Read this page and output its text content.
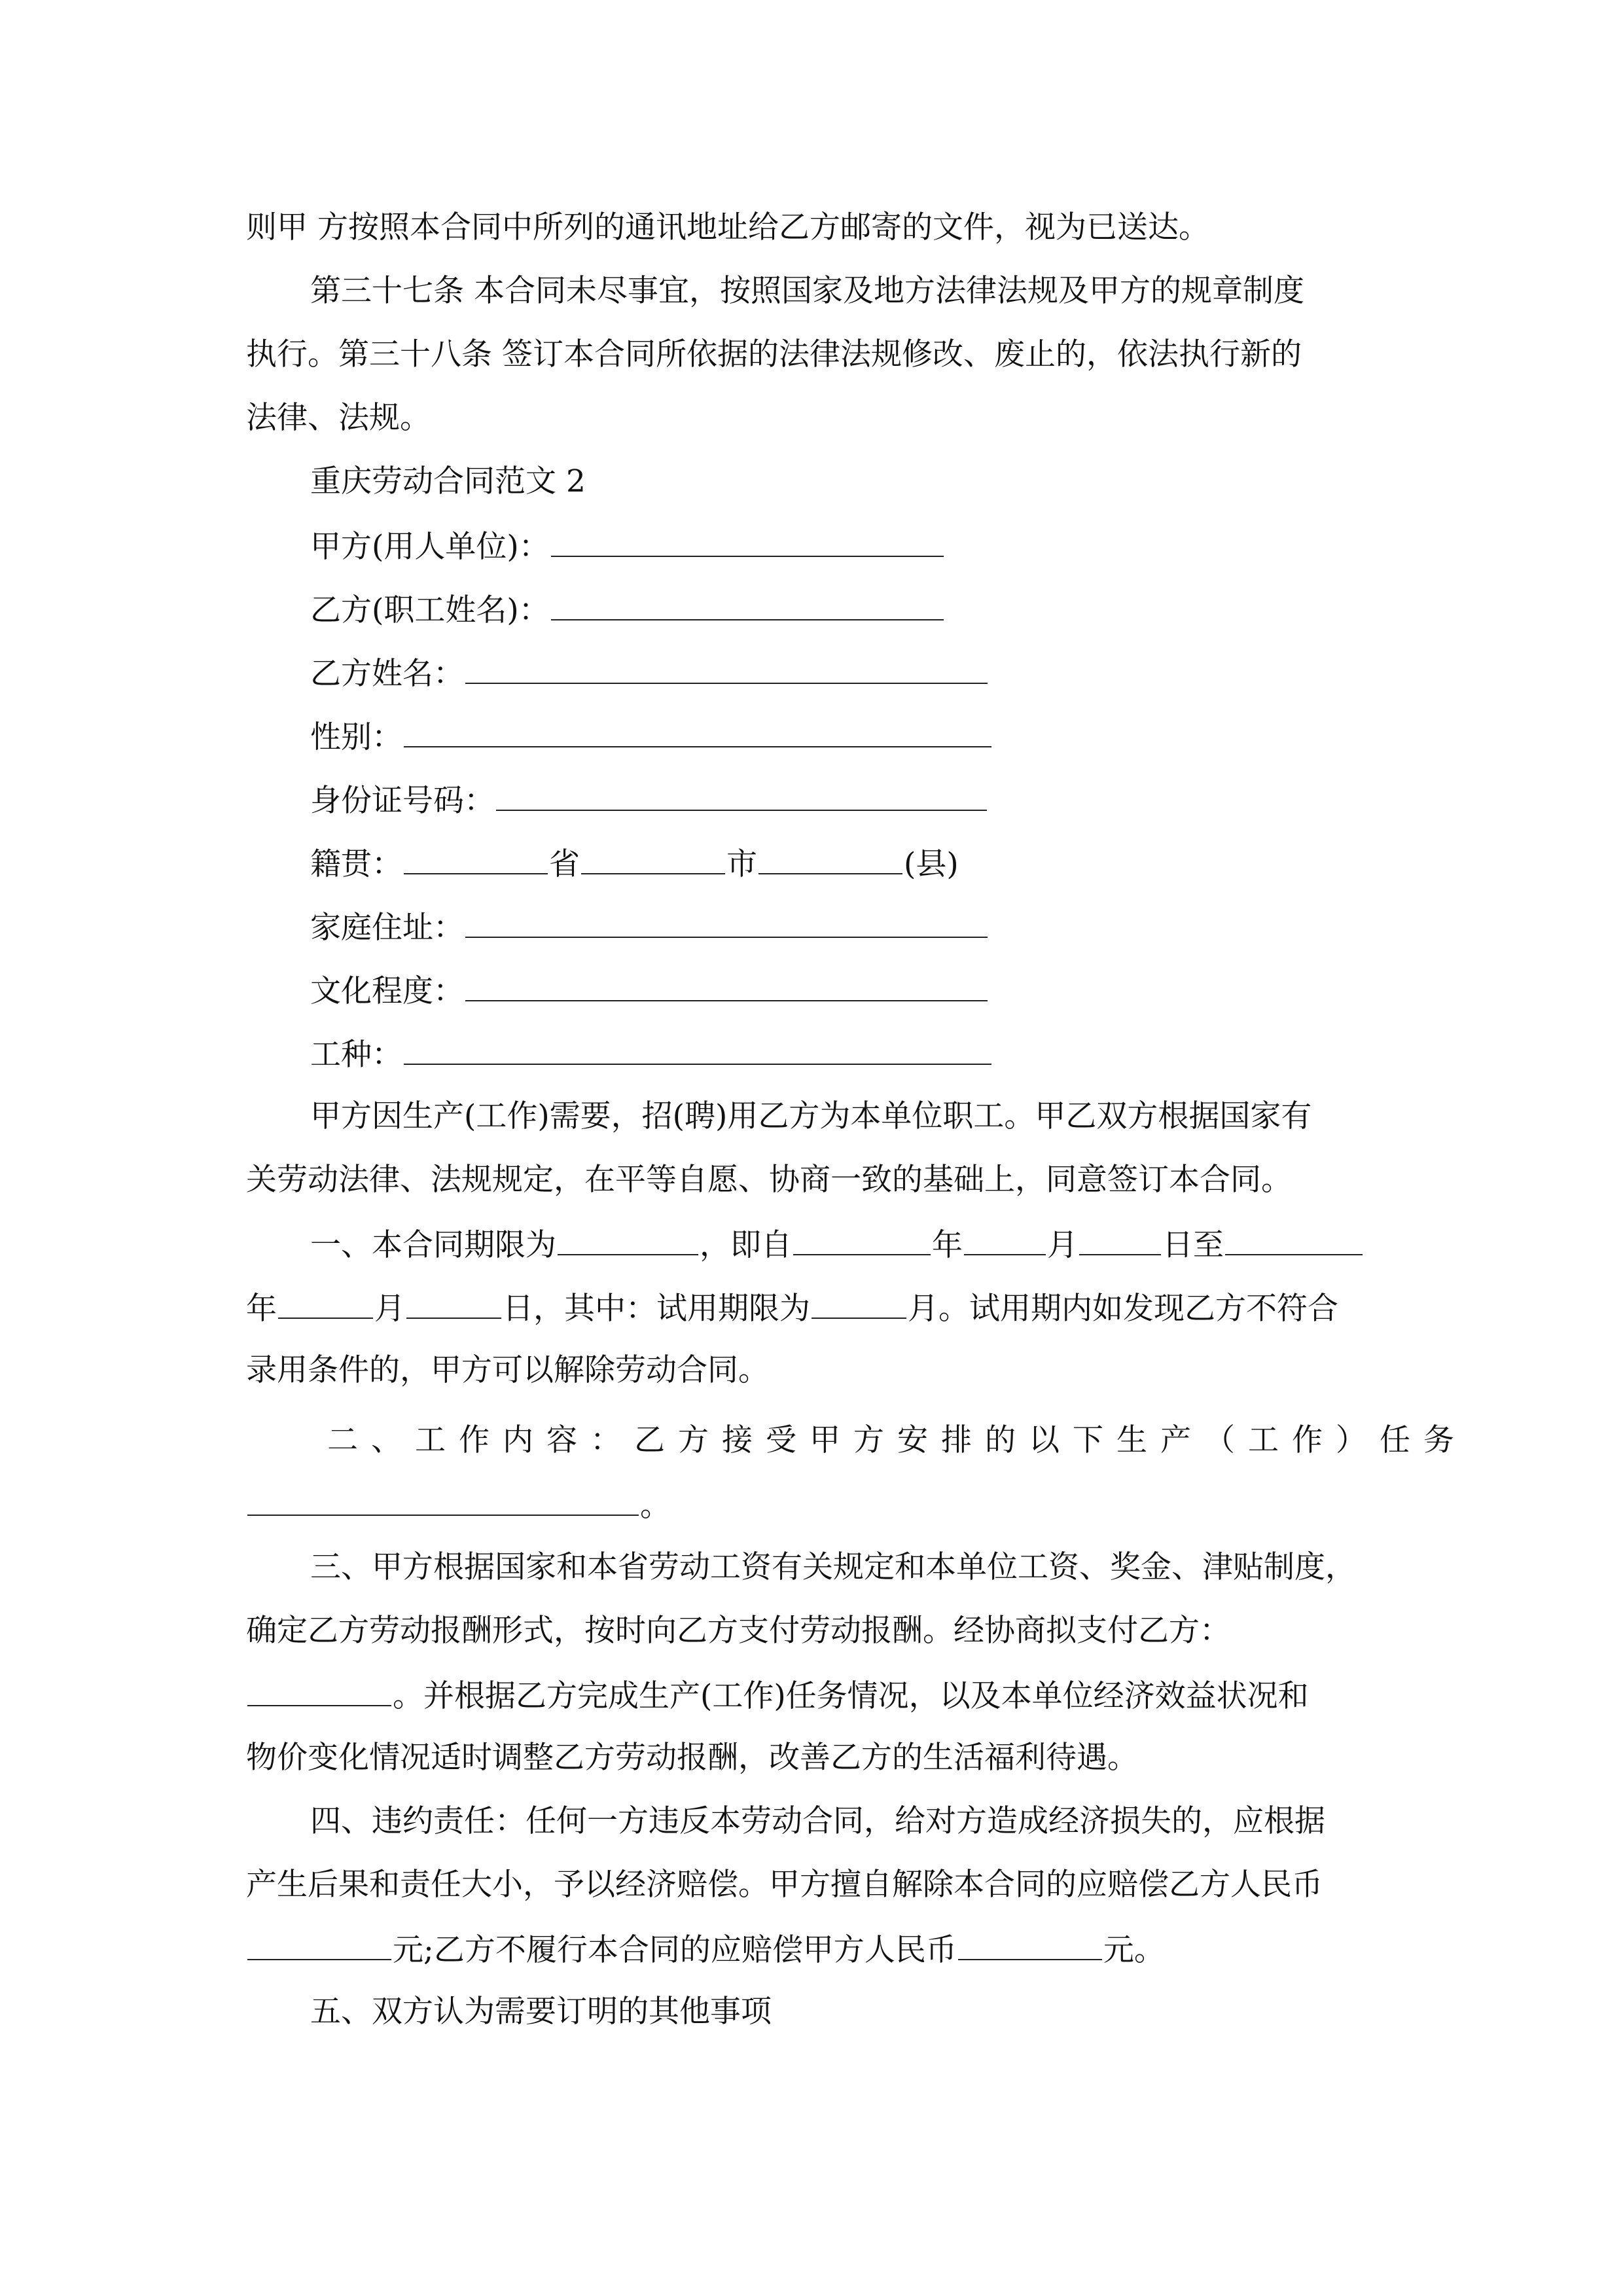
则甲 方按照本合同中所列的通讯地址给乙方邮寄的文件，视为已送达。
第三十七条 本合同未尽事宜，按照国家及地方法律法规及甲方的规章制度
执行。第三十八条 签订本合同所依据的法律法规修改、废止的，依法执行新的
法律、法规。
重庆劳动合同范文 2
甲方(用人单位)：
乙方(职工姓名)：
乙方姓名：
性别：
身份证号码：
籍贯：	省	市	(县)
家庭住址：
文化程度：
工种：
甲方因生产(工作)需要，招(聘)用乙方为本单位职工。甲乙双方根据国家有
关劳动法律、法规规定，在平等自愿、协商一致的基础上，同意签订本合同。
一、本合同期限为	，即自	年	月	日至
年	月	日，其中：试用期限为	月。试用期内如发现乙方不符合
录用条件的，甲方可以解除劳动合同。
二、工作内容：乙方接受甲方安排的以下生产（工作）任务
。
三、甲方根据国家和本省劳动工资有关规定和本单位工资、奖金、津贴制度，
确定乙方劳动报酬形式，按时向乙方支付劳动报酬。经协商拟支付乙方：
。并根据乙方完成生产(工作)任务情况，以及本单位经济效益状况和
物价变化情况适时调整乙方劳动报酬，改善乙方的生活福利待遇。
四、违约责任：任何一方违反本劳动合同，给对方造成经济损失的，应根据
产生后果和责任大小，予以经济赔偿。甲方擅自解除本合同的应赔偿乙方人民币
元;乙方不履行本合同的应赔偿甲方人民币	元。
五、双方认为需要订明的其他事项
